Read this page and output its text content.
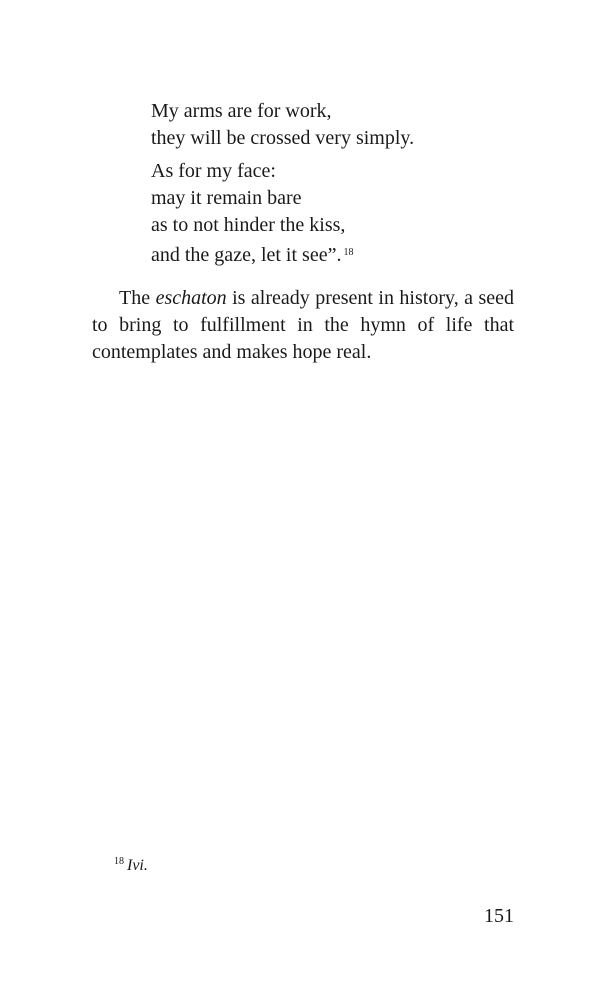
My arms are for work,
they will be crossed very simply.

As for my face:
may it remain bare
as to not hinder the kiss,
and the gaze, let it see”. $^{18}$

The eschaton is already present in history, a seed to bring to fulfillment in the hymn of life that contemplates and makes hope real.

$^{18}$ Ivi.
151
